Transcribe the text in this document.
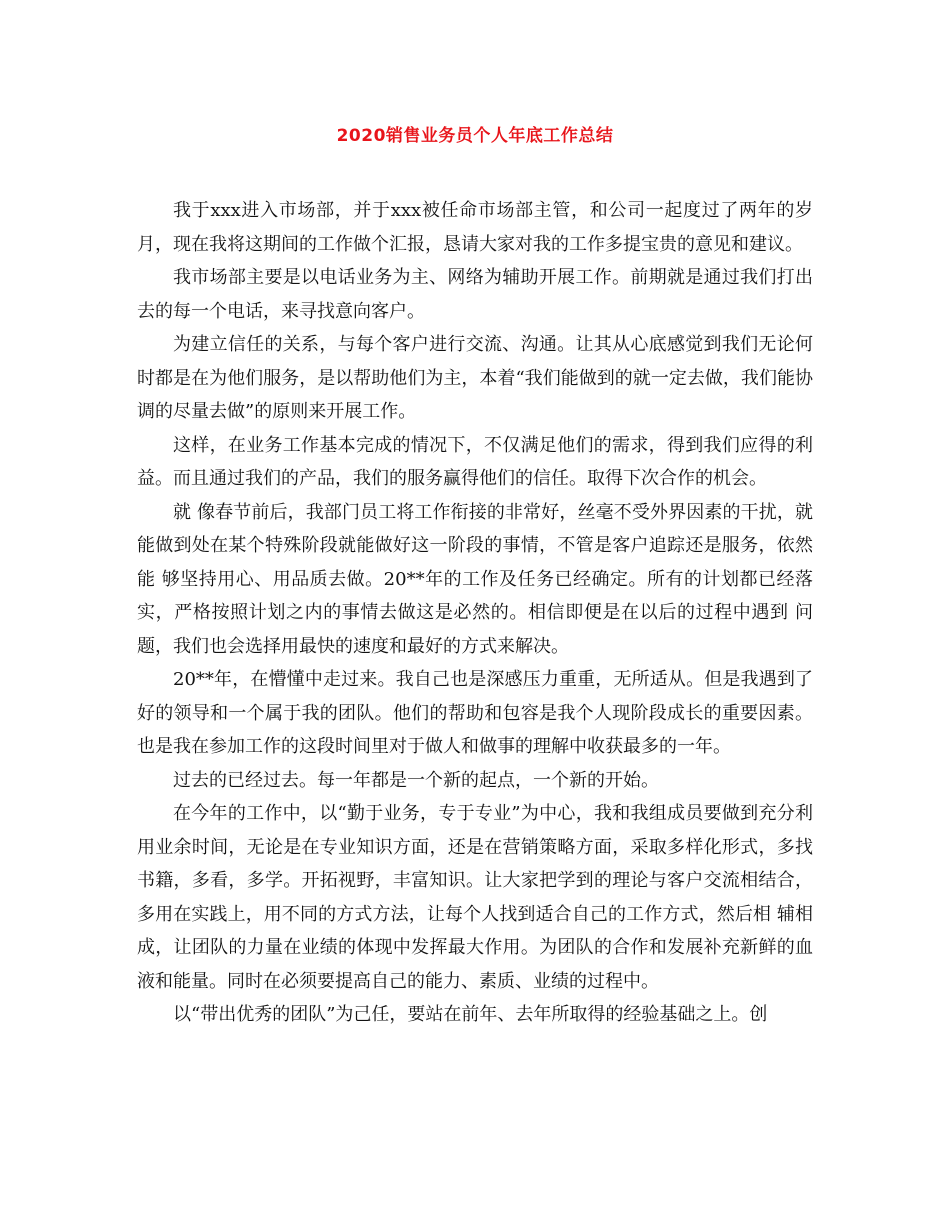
2020销售业务员个人年底工作总结

我于xxx进入市场部，并于xxx被任命市场部主管，和公司一起度过了两年的岁月，现在我将这期间的工作做个汇报，恳请大家对我的工作多提宝贵的意见和建议。

我市场部主要是以电话业务为主、网络为辅助开展工作。前期就是通过我们打出去的每一个电话，来寻找意向客户。

为建立信任的关系，与每个客户进行交流、沟通。让其从心底感觉到我们无论何时都是在为他们服务，是以帮助他们为主，本着“我们能做到的就一定去做，我们能协调的尽量去做”的原则来开展工作。

这样，在业务工作基本完成的情况下，不仅满足他们的需求，得到我们应得的利益。而且通过我们的产品，我们的服务赢得他们的信任。取得下次合作的机会。

就 像春节前后，我部门员工将工作衔接的非常好，丝毫不受外界因素的干扰，就能做到处在某个特殊阶段就能做好这一阶段的事情，不管是客户追踪还是服务，依然能 够坚持用心、用品质去做。20**年的工作及任务已经确定。所有的计划都已经落实，严格按照计划之内的事情去做这是必然的。相信即便是在以后的过程中遇到 问题，我们也会选择用最快的速度和最好的方式来解决。

20**年，在懵懂中走过来。我自己也是深感压力重重，无所适从。但是我遇到了好的领导和一个属于我的团队。他们的帮助和包容是我个人现阶段成长的重要因素。也是我在参加工作的这段时间里对于做人和做事的理解中收获最多的一年。

过去的已经过去。每一年都是一个新的起点，一个新的开始。

在今年的工作中，以“勤于业务，专于专业”为中心，我和我组成员要做到充分利用业余时间，无论是在专业知识方面，还是在营销策略方面，采取多样化形式，多找 书籍，多看，多学。开拓视野，丰富知识。让大家把学到的理论与客户交流相结合，多用在实践上，用不同的方式方法，让每个人找到适合自己的工作方式，然后相 辅相成，让团队的力量在业绩的体现中发挥最大作用。为团队的合作和发展补充新鲜的血液和能量。同时在必须要提高自己的能力、素质、业绩的过程中。

以“带出优秀的团队”为己任，要站在前年、去年所取得的经验基础之上。创
